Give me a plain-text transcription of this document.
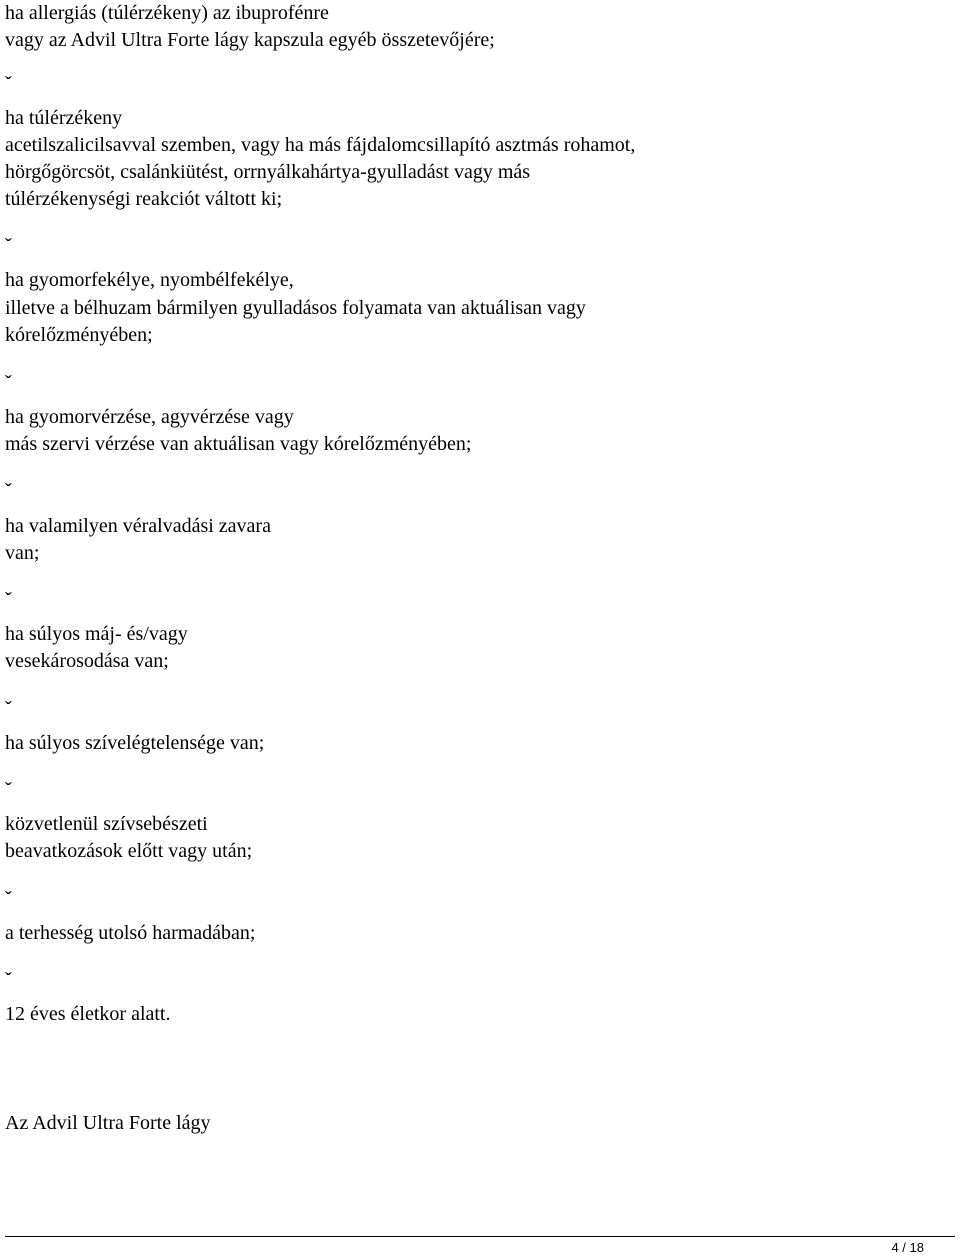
ha allergiás (túlérzékeny) az ibuprofénre
vagy az Advil Ultra Forte lágy kapszula egyéb összetevőjére;
ˇ
ha túlérzékeny
acetilszalicilsavval szemben, vagy ha más fájdalomcsillapító asztmás rohamot,
hörgőgörcsöt, csalánkiütést, orrnyálkahártya-gyulladást vagy más
túlérzékenységi reakciót váltott ki;
ˇ
ha gyomorfekélye, nyombélfekélye,
illetve a bélhuzam bármilyen gyulladásos folyamata van aktuálisan vagy
kórelőzményében;
ˇ
ha gyomorvérzése, agyvérzése vagy
más szervi vérzése van aktuálisan vagy kórelőzményében;
ˇ
ha valamilyen véralvadási zavara
van;
ˇ
ha súlyos máj- és/vagy
vesekárosodása van;
ˇ
ha súlyos szívelégtelensége van;
ˇ
közvetlenül szívsebészeti
beavatkozások előtt vagy után;
ˇ
a terhesség utolsó harmadában;
ˇ
12 éves életkor alatt.
Az Advil Ultra Forte lágy
4 / 18
